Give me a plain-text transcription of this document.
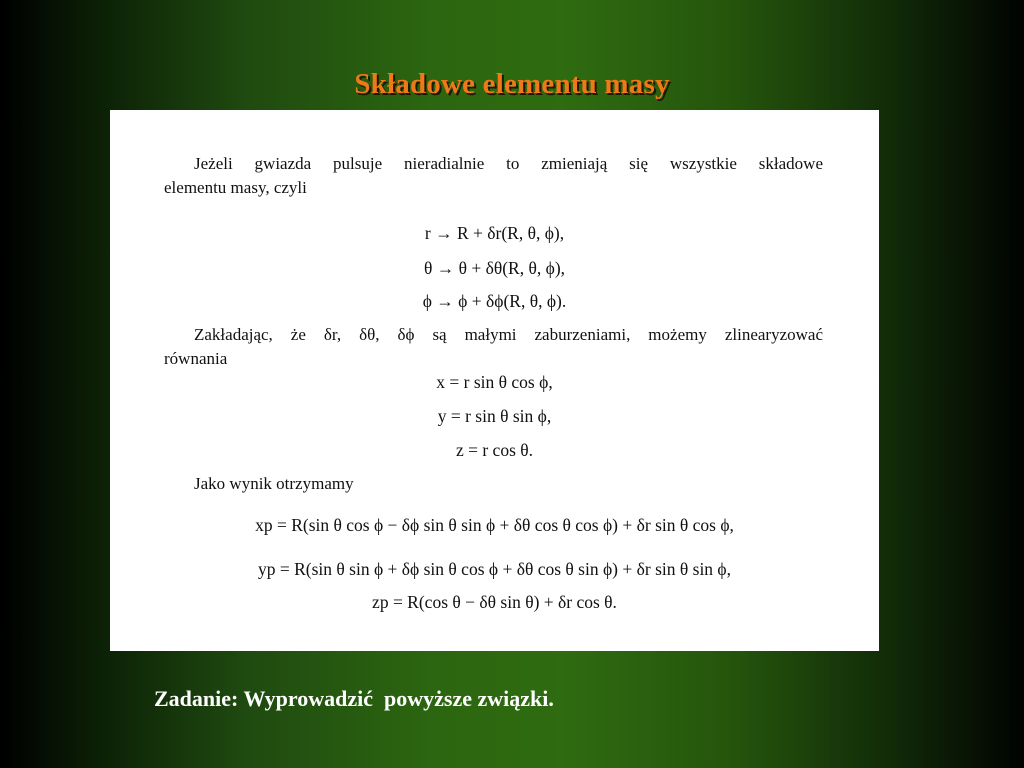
Składowe elementu masy
Jeżeli gwiazda pulsuje nieradialnie to zmieniają się wszystkie składowe
elementu masy, czyli
r → R + δr(R, θ, ϕ),
θ → θ + δθ(R, θ, ϕ),
ϕ → ϕ + δϕ(R, θ, ϕ).
Zakładając, że δr, δθ, δϕ są małymi zaburzeniami, możemy zlinearyzować
równania
x = r sin θ cos ϕ,
y = r sin θ sin ϕ,
z = r cos θ.
Jako wynik otrzymamy
xp = R(sin θ cos ϕ − δϕ sin θ sin ϕ + δθ cos θ cos ϕ) + δr sin θ cos ϕ,
yp = R(sin θ sin ϕ + δϕ sin θ cos ϕ + δθ cos θ sin ϕ) + δr sin θ sin ϕ,
zp = R(cos θ − δθ sin θ) + δr cos θ.
Zadanie: Wyprowadzić  powyższe związki.
